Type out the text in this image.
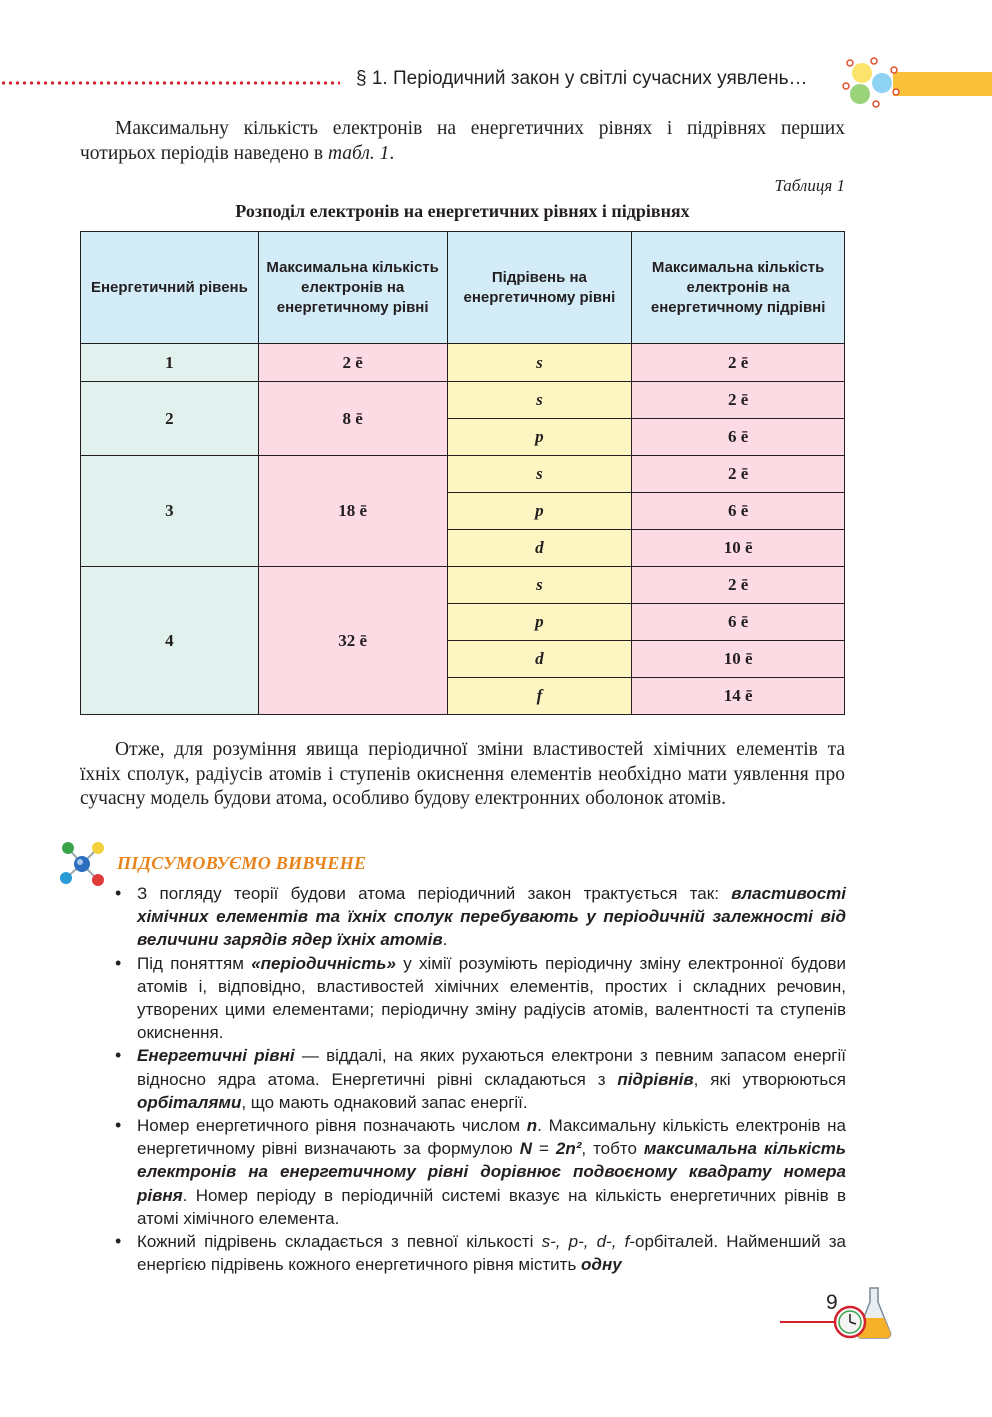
§ 1. Періодичний закон у світлі сучасних уявлень…

Максимальну кількість електронів на енергетичних рівнях і підрівнях перших чотирьох періодів наведено в табл. 1.

Таблиця 1
Розподіл електронів на енергетичних рівнях і підрівнях
Енергетичний рівень	Максимальна кількість електронів на енергетичному рівні	Підрівень на енергетичному рівні	Максимальна кількість електронів на енергетичному підрівні
1	2 ē	s	2 ē
2	8 ē	s	2 ē
		p	6 ē
3	18 ē	s	2 ē
		p	6 ē
		d	10 ē
4	32 ē	s	2 ē
		p	6 ē
		d	10 ē
		f	14 ē

Отже, для розуміння явища періодичної зміни властивостей хімічних елементів та їхніх сполук, радіусів атомів і ступенів окиснення елементів необхідно мати уявлення про сучасну модель будови атома, особливо будову електронних оболонок атомів.

ПІДСУМОВУЄМО ВИВЧЕНЕ
• З погляду теорії будови атома періодичний закон трактується так: властивості хімічних елементів та їхніх сполук перебувають у періодичній залежності від величини зарядів ядер їхніх атомів.
• Під поняттям «періодичність» у хімії розуміють періодичну зміну електронної будови атомів і, відповідно, властивостей хімічних елементів, простих і складних речовин, утворених цими елементами; періодичну зміну радіусів атомів, валентності та ступенів окиснення.
• Енергетичні рівні — віддалі, на яких рухаються електрони з певним запасом енергії відносно ядра атома. Енергетичні рівні складаються з підрівнів, які утворюються орбіталями, що мають однаковий запас енергії.
• Номер енергетичного рівня позначають числом n. Максимальну кількість електронів на енергетичному рівні визначають за формулою N = 2n², тобто максимальна кількість електронів на енергетичному рівні дорівнює подвоєному квадрату номера рівня. Номер періоду в періодичній системі вказує на кількість енергетичних рівнів в атомі хімічного елемента.
• Кожний підрівень складається з певної кількості s-, p-, d-, f-орбіталей. Найменший за енергією підрівень кожного енергетичного рівня містить одну
9
